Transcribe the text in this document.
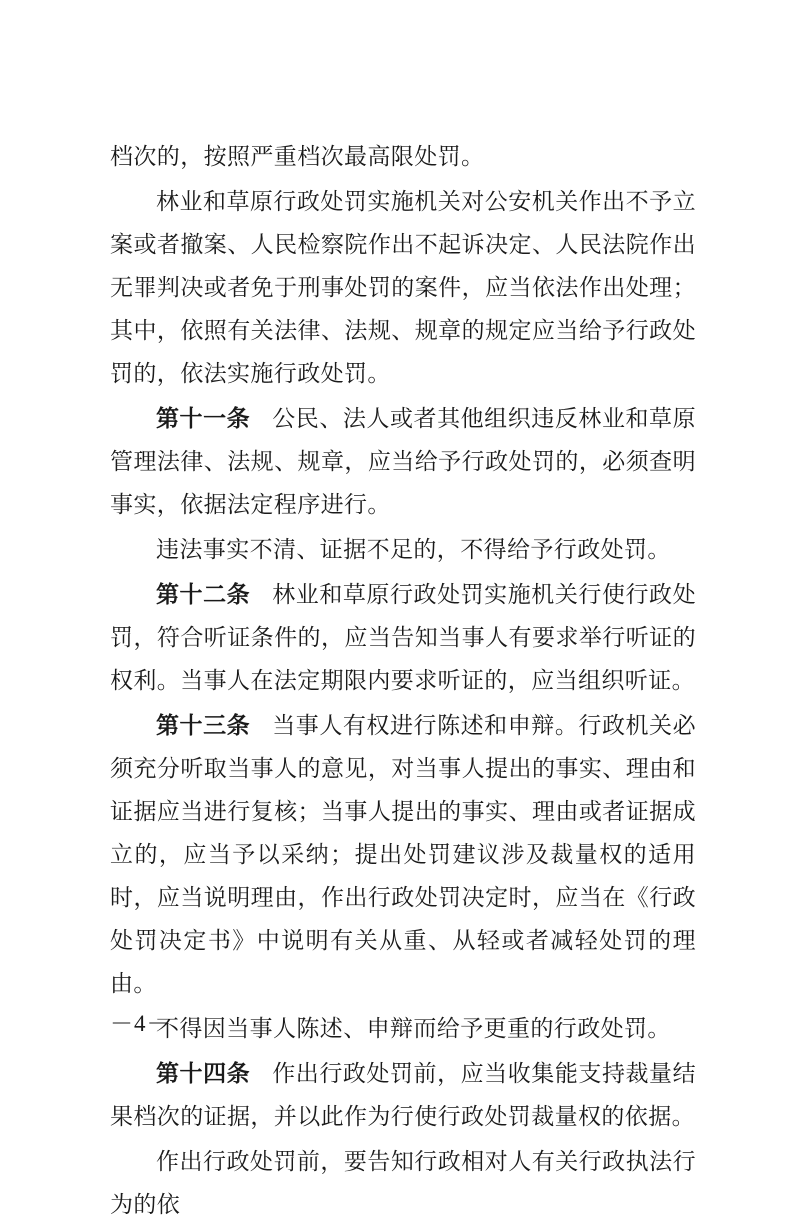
档次的，按照严重档次最高限处罚。

林业和草原行政处罚实施机关对公安机关作出不予立案或者撤案、人民检察院作出不起诉决定、人民法院作出无罪判决或者免于刑事处罚的案件，应当依法作出处理；其中，依照有关法律、法规、规章的规定应当给予行政处罚的，依法实施行政处罚。

第十一条 公民、法人或者其他组织违反林业和草原管理法律、法规、规章，应当给予行政处罚的，必须查明事实，依据法定程序进行。

违法事实不清、证据不足的，不得给予行政处罚。

第十二条 林业和草原行政处罚实施机关行使行政处罚，符合听证条件的，应当告知当事人有要求举行听证的权利。当事人在法定期限内要求听证的，应当组织听证。

第十三条 当事人有权进行陈述和申辩。行政机关必须充分听取当事人的意见，对当事人提出的事实、理由和证据应当进行复核；当事人提出的事实、理由或者证据成立的，应当予以采纳；提出处罚建议涉及裁量权的适用时，应当说明理由，作出行政处罚决定时，应当在《行政处罚决定书》中说明有关从重、从轻或者减轻处罚的理由。

不得因当事人陈述、申辩而给予更重的行政处罚。

第十四条 作出行政处罚前，应当收集能支持裁量结果档次的证据，并以此作为行使行政处罚裁量权的依据。

作出行政处罚前，要告知行政相对人有关行政执法行为的依

－4－
